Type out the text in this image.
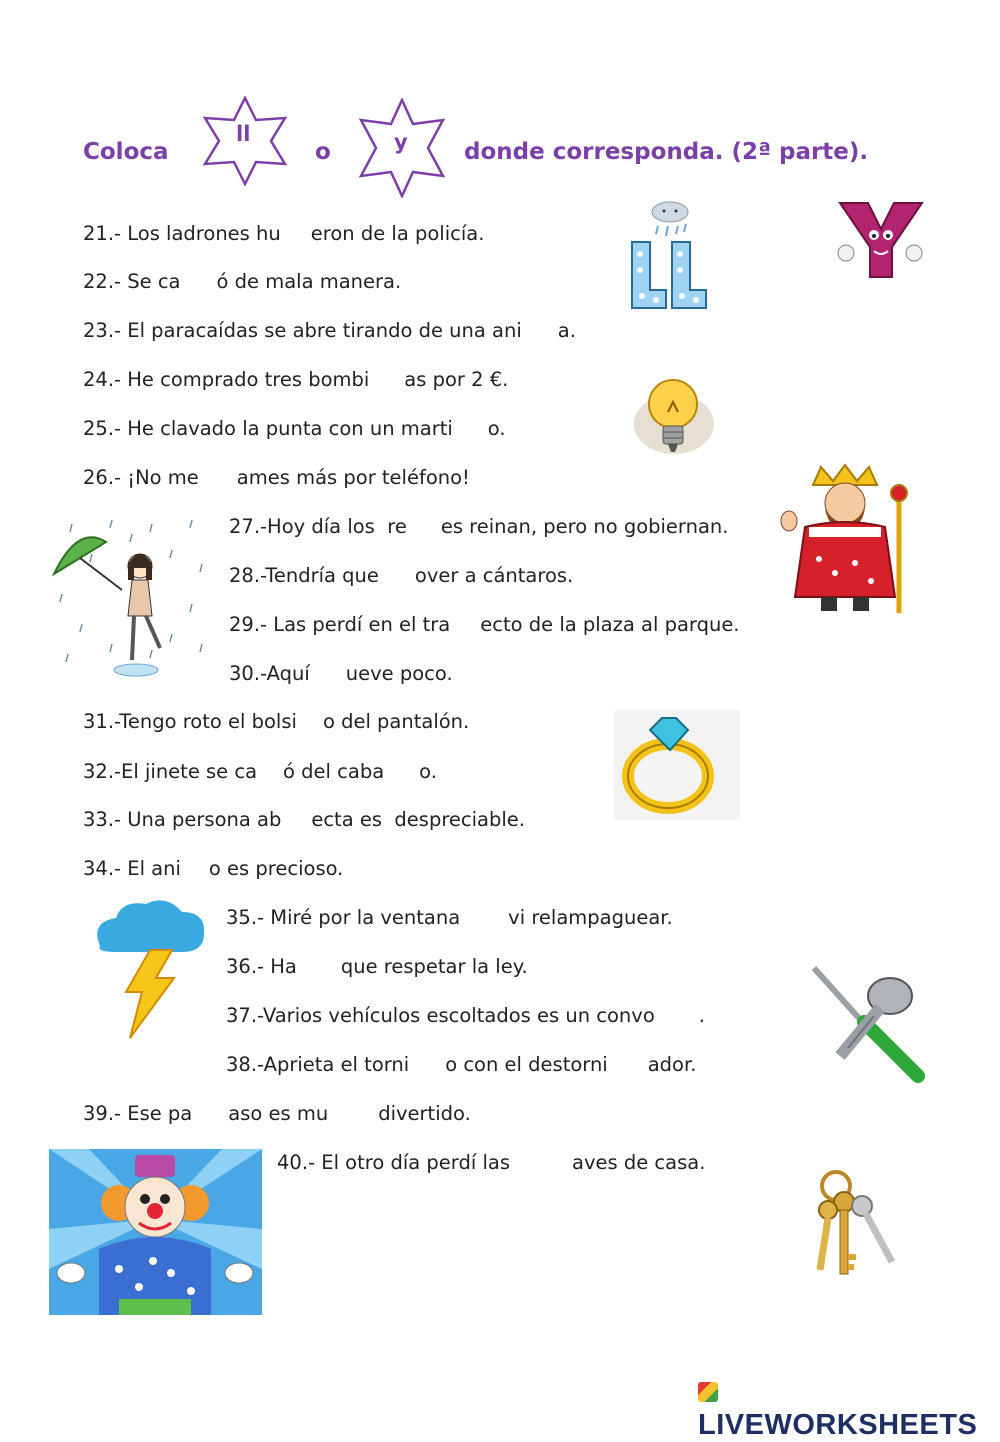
Coloca
ll
o	y donde corresponda. (2ª parte).
21.- Los ladrones hu eron de la policía.
22.- Se ca ó de mala manera.
23.- El paracaídas se abre tirando de una ani a.
24.- He comprado tres bombi as por 2 €.
25.- He clavado la punta con un marti o.
26.- ¡No me ames más por teléfono!
27.-Hoy día los  re es reinan, pero no gobiernan.
28.-Tendría que over a cántaros.
29.- Las perdí en el tra ecto de la plaza al parque.
30.-Aquí ueve poco.
31.-Tengo roto el bolsi o del pantalón.
32.-El jinete se ca ó del caba o.
33.- Una persona ab ecta es  despreciable.
34.- El ani o es precioso.
35.- Miré por la ventana vi relampaguear.
36.- Ha que respetar la ley.
37.-Varios vehículos escoltados es un convo .
38.-Aprieta el torni o con el destorni ador.
39.- Ese pa aso es mu	divertido.
40.- El otro día perdí las	aves de casa.
LIVEWORKSHEETS
